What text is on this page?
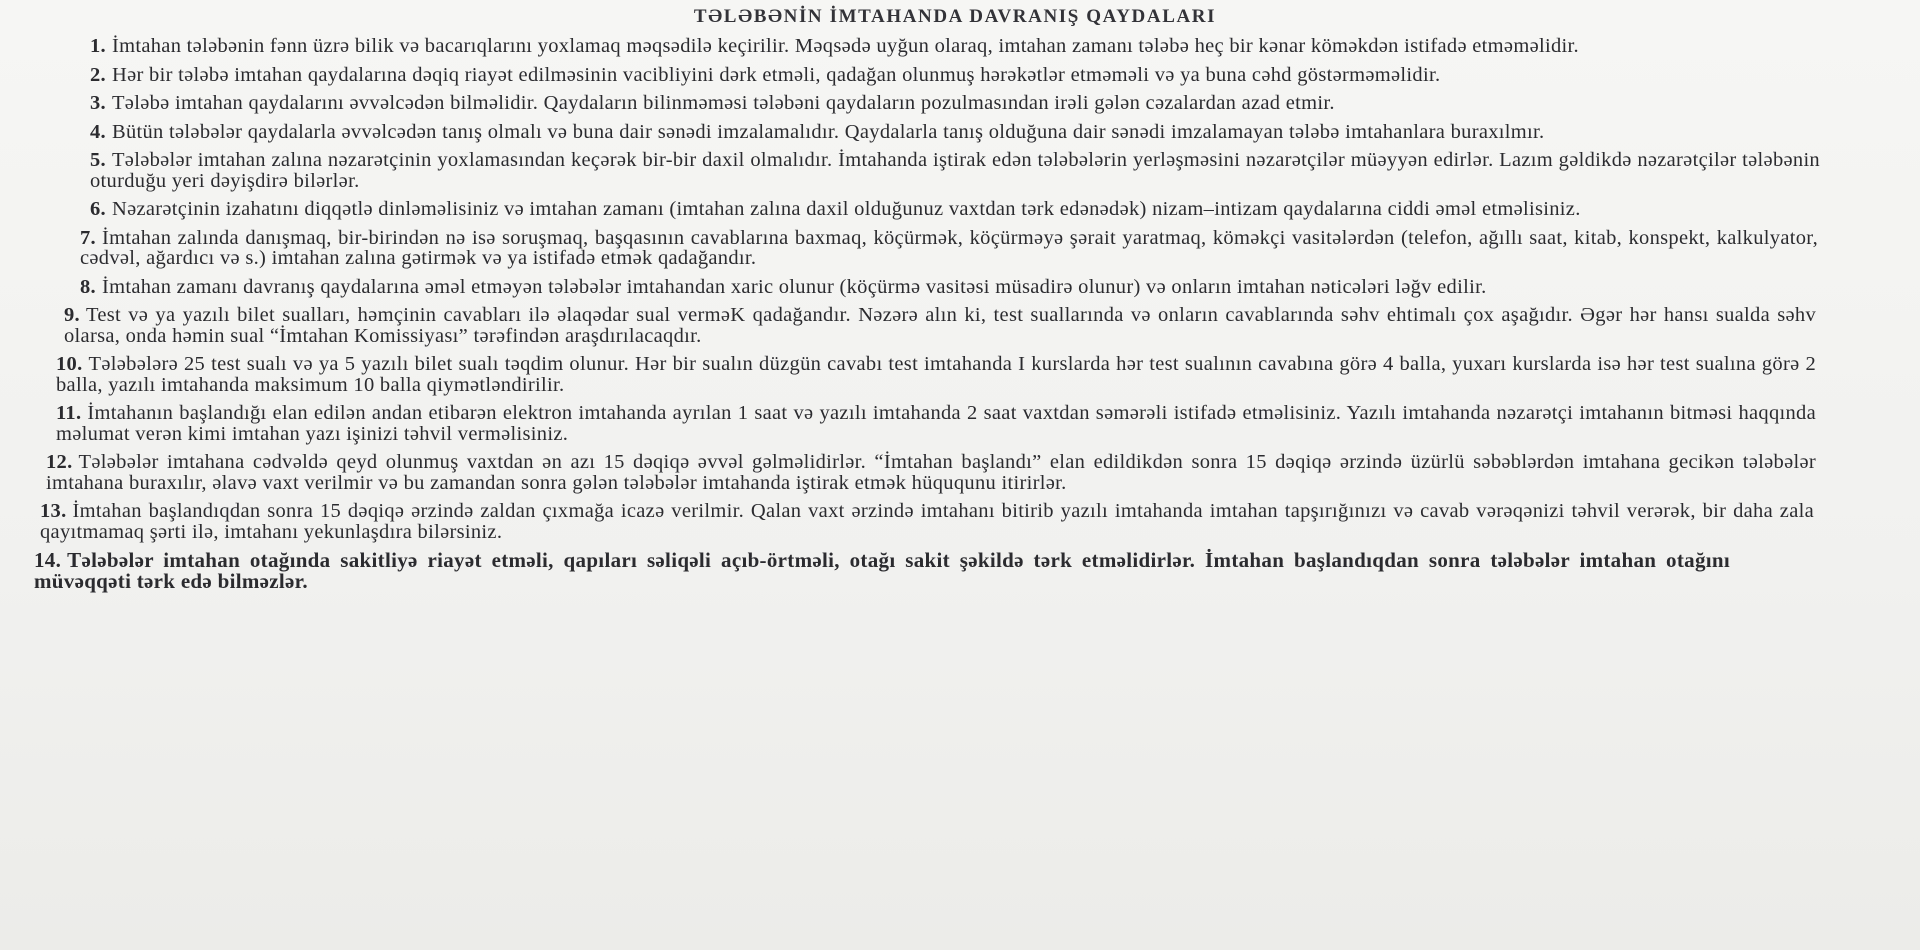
TƏLƏBƏNİN İMTAHANDA DAVRANIŞ QAYDALARI
1. İmtahan tələbənin fənn üzrə bilik və bacarıqlarını yoxlamaq məqsədilə keçirilir. Məqsədə uyğun olaraq, imtahan zamanı tələbə heç bir kənar köməkdən istifadə etməməlidir.
2. Hər bir tələbə imtahan qaydalarına dəqiq riayət edilməsinin vacibliyini dərk etməli, qadağan olunmuş hərəkətlər etməməli və ya buna cəhd göstərməməlidir.
3. Tələbə imtahan qaydalarını əvvəlcədən bilməlidir. Qaydaların bilinməməsi tələbəni qaydaların pozulmasından irəli gələn cəzalardan azad etmir.
4. Bütün tələbələr qaydalarla əvvəlcədən tanış olmalı və buna dair sənədi imzalamalıdır. Qaydalarla tanış olduğuna dair sənədi imzalamayan tələbə imtahanlara buraxılmır.
5. Tələbələr imtahan zalına nəzarətçinin yoxlamasından keçərək bir-bir daxil olmalıdır. İmtahanda iştirak edən tələbələrin yerləşməsini nəzarətçilər müəyyən edirlər. Lazım gəldikdə nəzarətçilər tələbənin oturduğu yeri dəyişdirə bilərlər.
6. Nəzarətçinin izahatını diqqətlə dinləməlisiniz və imtahan zamanı (imtahan zalına daxil olduğunuz vaxtdan tərk edənədək) nizam–intizam qaydalarına ciddi əməl etməlisiniz.
7. İmtahan zalında danışmaq, bir-birindən nə isə soruşmaq, başqasının cavablarına baxmaq, köçürmək, köçürməyə şərait yaratmaq, köməkçi vasitələrdən (telefon, ağıllı saat, kitab, konspekt, kalkulyator, cədvəl, ağardıcı və s.) imtahan zalına gətirmək və ya istifadə etmək qadağandır.
8. İmtahan zamanı davranış qaydalarına əməl etməyən tələbələr imtahandan xaric olunur (köçürmə vasitəsi müsadirə olunur) və onların imtahan nəticələri ləğv edilir.
9. Test və ya yazılı bilet sualları, həmçinin cavabları ilə əlaqədar sual verməK qadağandır. Nəzərə alın ki, test suallarında və onların cavablarında səhv ehtimalı çox aşağıdır. Əgər hər hansı sualda səhv olarsa, onda həmin sual “İmtahan Komissiyası” tərəfindən araşdırılacaqdır.
10. Tələbələrə 25 test sualı və ya 5 yazılı bilet sualı təqdim olunur. Hər bir sualın düzgün cavabı test imtahanda I kurslarda hər test sualının cavabına görə 4 balla, yuxarı kurslarda isə hər test sualına görə 2 balla, yazılı imtahanda maksimum 10 balla qiymətləndirilir.
11. İmtahanın başlandığı elan edilən andan etibarən elektron imtahanda ayrılan 1 saat və yazılı imtahanda 2 saat vaxtdan səmərəli istifadə etməlisiniz. Yazılı imtahanda nəzarətçi imtahanın bitməsi haqqında məlumat verən kimi imtahan yazı işinizi təhvil verməlisiniz.
12. Tələbələr imtahana cədvəldə qeyd olunmuş vaxtdan ən azı 15 dəqiqə əvvəl gəlməlidirlər. “İmtahan başlandı” elan edildikdən sonra 15 dəqiqə ərzində üzürlü səbəblərdən imtahana gecikən tələbələr imtahana buraxılır, əlavə vaxt verilmir və bu zamandan sonra gələn tələbələr imtahanda iştirak etmək hüququnu itirirlər.
13. İmtahan başlandıqdan sonra 15 dəqiqə ərzində zaldan çıxmağa icazə verilmir. Qalan vaxt ərzində imtahanı bitirib yazılı imtahanda imtahan tapşırığınızı və cavab vərəqənizi təhvil verərək, bir daha zala qayıtmamaq şərti ilə, imtahanı yekunlaşdıra bilərsiniz.
14. Tələbələr imtahan otağında sakitliyə riayət etməli, qapıları səliqəli açıb-örtməli, otağı sakit şəkildə tərk etməlidirlər. İmtahan başlandıqdan sonra tələbələr imtahan otağını müvəqqəti tərk edə bilməzlər.
